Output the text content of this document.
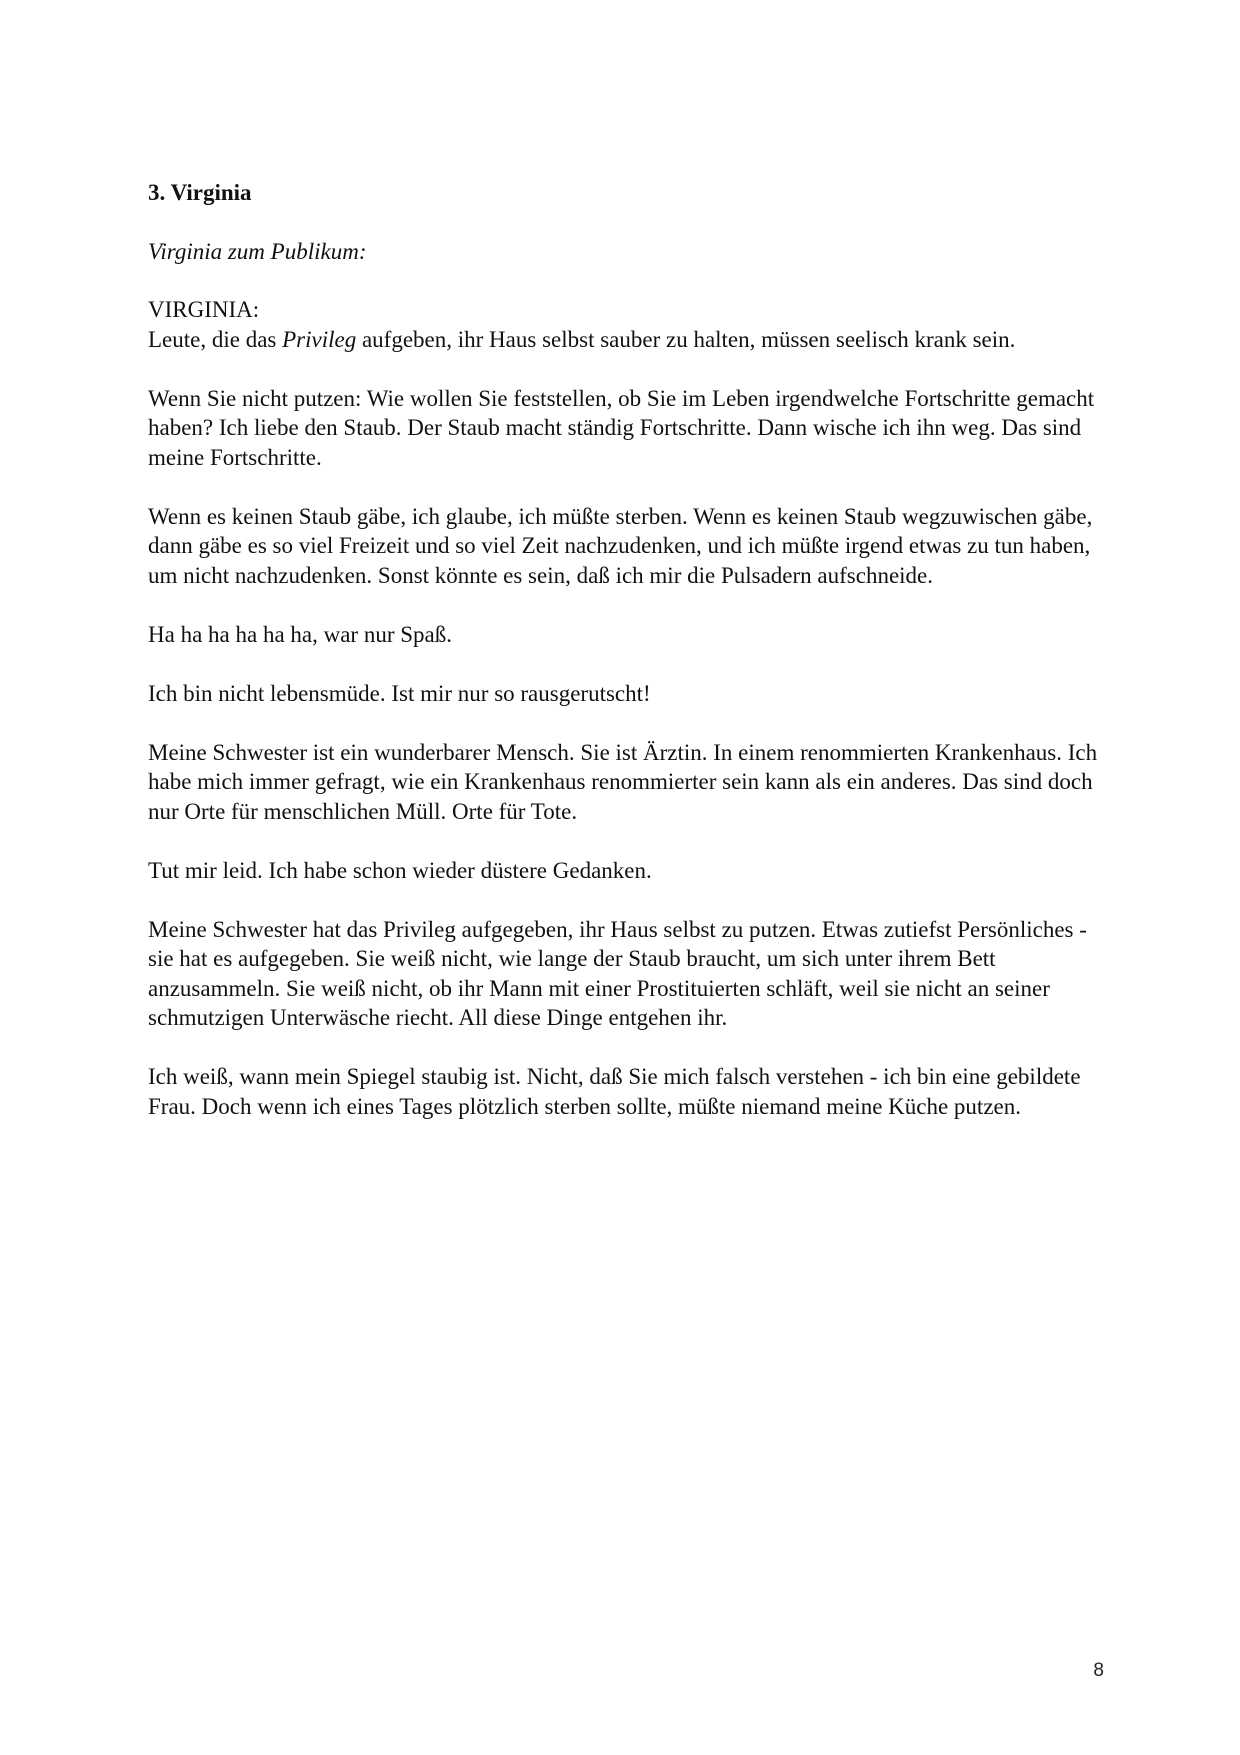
3. Virginia

Virginia zum Publikum:

VIRGINIA:

Leute, die das Privileg aufgeben, ihr Haus selbst sauber zu halten, müssen seelisch krank sein.

Wenn Sie nicht putzen: Wie wollen Sie feststellen, ob Sie im Leben irgendwelche Fortschritte gemacht haben? Ich liebe den Staub. Der Staub macht ständig Fortschritte. Dann wische ich ihn weg. Das sind meine Fortschritte.

Wenn es keinen Staub gäbe, ich glaube, ich müßte sterben. Wenn es keinen Staub wegzuwischen gäbe, dann gäbe es so viel Freizeit und so viel Zeit nachzudenken, und ich müßte irgend etwas zu tun haben, um nicht nachzudenken. Sonst könnte es sein, daß ich mir die Pulsadern aufschneide.

Ha ha ha ha ha ha, war nur Spaß.

Ich bin nicht lebensmüde. Ist mir nur so rausgerutscht!

Meine Schwester ist ein wunderbarer Mensch. Sie ist Ärztin. In einem renommierten Krankenhaus. Ich habe mich immer gefragt, wie ein Krankenhaus renommierter sein kann als ein anderes. Das sind doch nur Orte für menschlichen Müll. Orte für Tote.

Tut mir leid. Ich habe schon wieder düstere Gedanken.

Meine Schwester hat das Privileg aufgegeben, ihr Haus selbst zu putzen. Etwas zutiefst Persönliches - sie hat es aufgegeben. Sie weiß nicht, wie lange der Staub braucht, um sich unter ihrem Bett anzusammeln. Sie weiß nicht, ob ihr Mann mit einer Prostituierten schläft, weil sie nicht an seiner schmutzigen Unterwäsche riecht. All diese Dinge entgehen ihr.

Ich weiß, wann mein Spiegel staubig ist. Nicht, daß Sie mich falsch verstehen - ich bin eine gebildete Frau. Doch wenn ich eines Tages plötzlich sterben sollte, müßte niemand meine Küche putzen.

8
